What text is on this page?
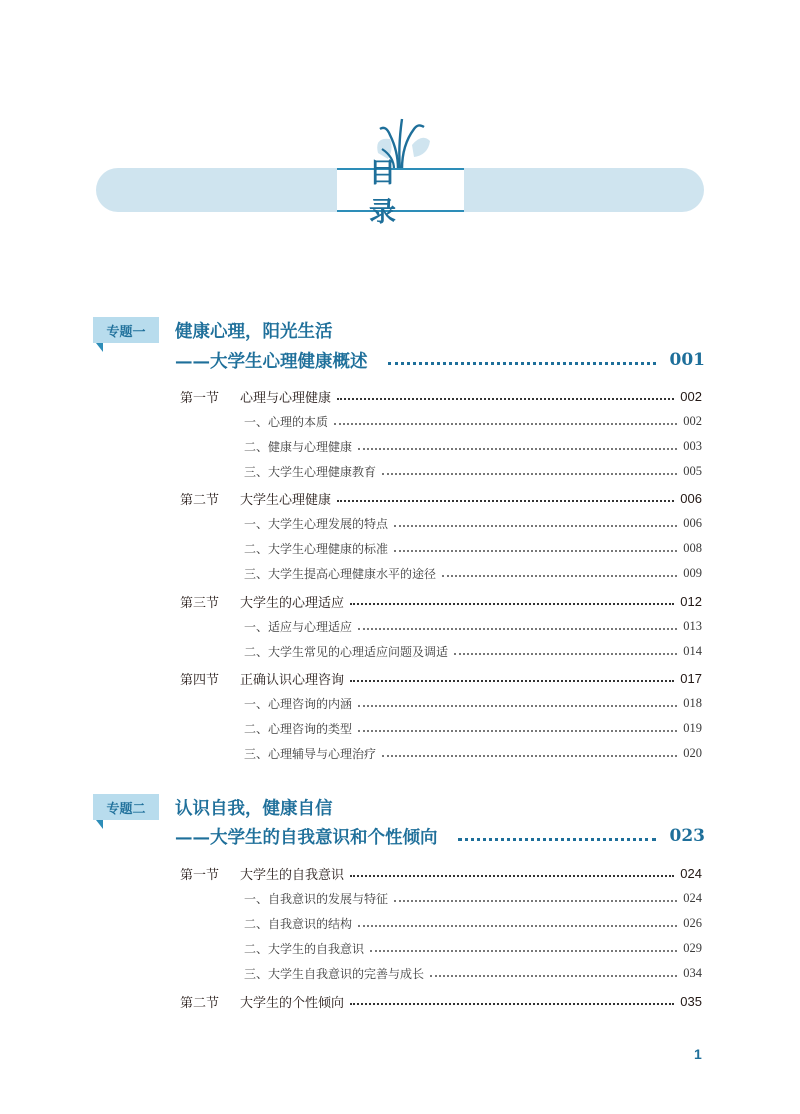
目录
专题一	健康心理，阳光生活
——大学生心理健康概述	001
第一节	心理与心理健康	002
一、心理的本质	002
二、健康与心理健康	003
三、大学生心理健康教育	005
第二节	大学生心理健康	006
一、大学生心理发展的特点	006
二、大学生心理健康的标准	008
三、大学生提高心理健康水平的途径	009
第三节	大学生的心理适应	012
一、适应与心理适应	013
二、大学生常见的心理适应问题及调适	014
第四节	正确认识心理咨询	017
一、心理咨询的内涵	018
二、心理咨询的类型	019
三、心理辅导与心理治疗	020
专题二	认识自我，健康自信
——大学生的自我意识和个性倾向	023
第一节	大学生的自我意识	024
一、自我意识的发展与特征	024
二、自我意识的结构	026
二、大学生的自我意识	029
三、大学生自我意识的完善与成长	034
第二节	大学生的个性倾向	035
1
